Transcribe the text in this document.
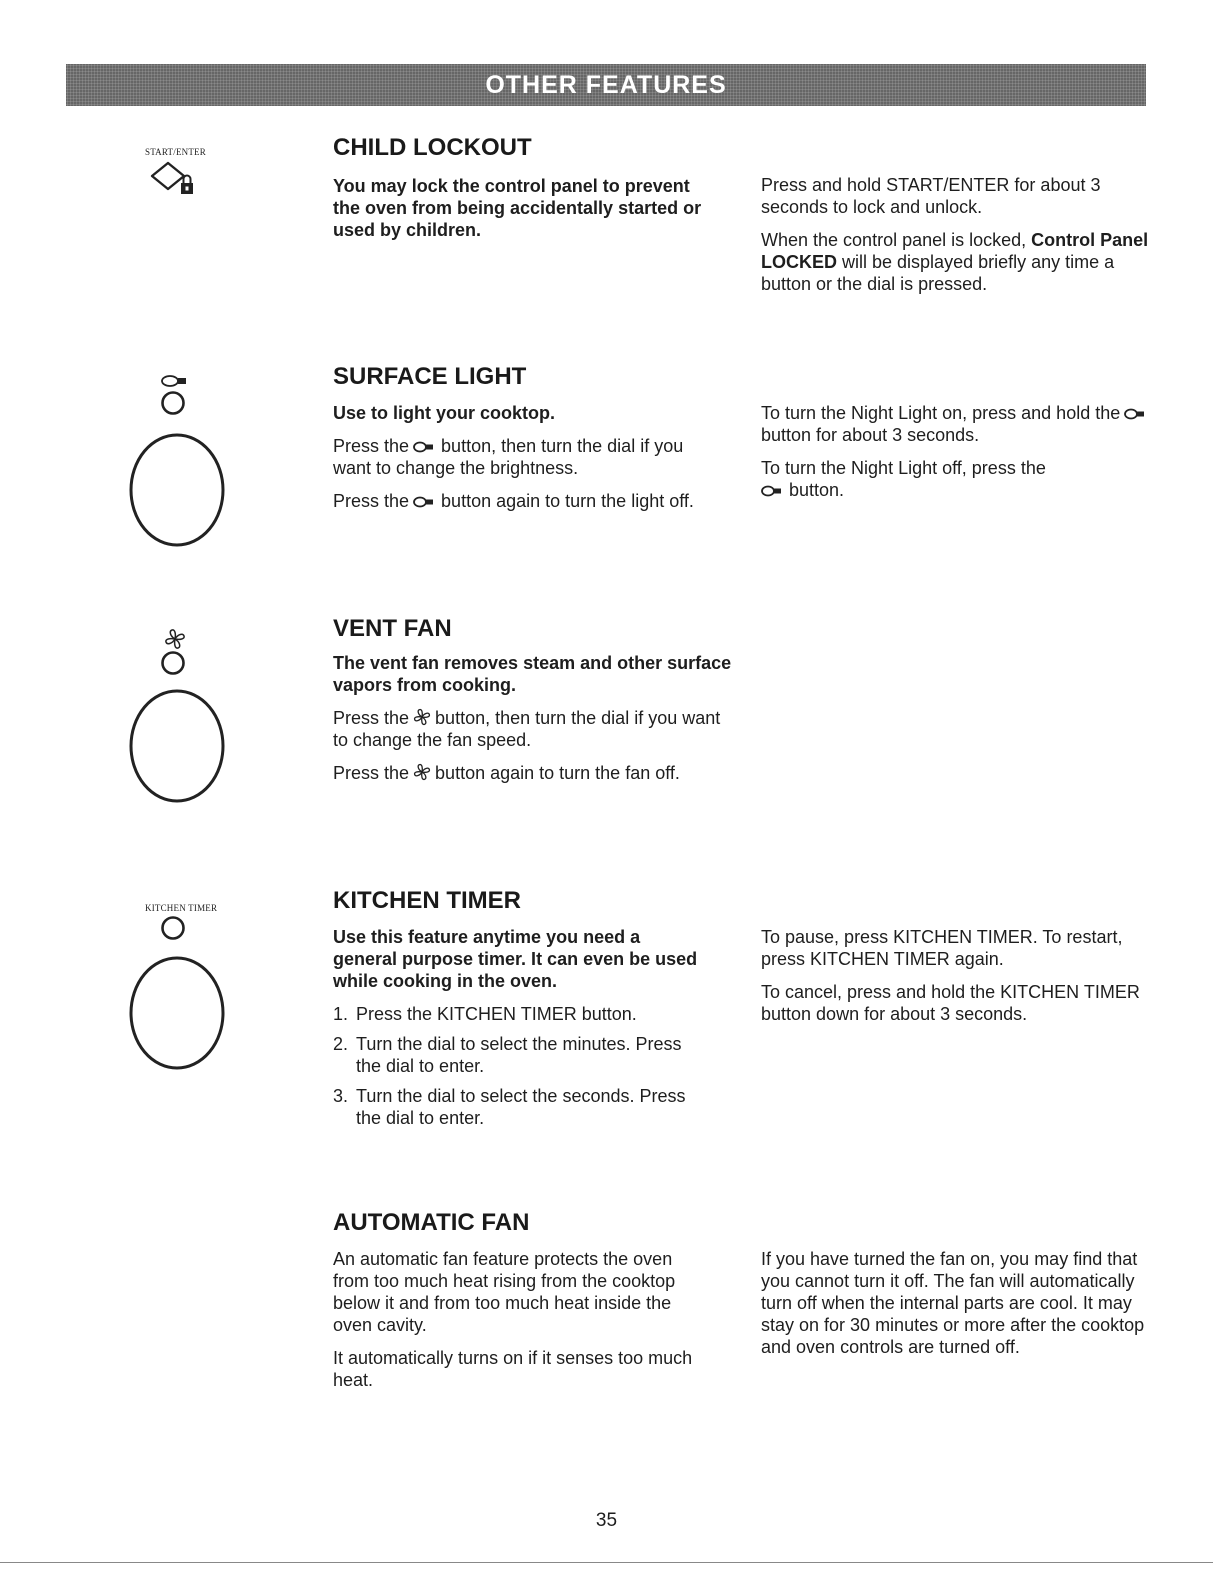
OTHER FEATURES
START/ENTER	CHILD LOCKOUT

You may lock the control panel to prevent the oven from being accidentally started or used by children.

Press and hold START/ENTER for about 3 seconds to lock and unlock.

When the control panel is locked, Control Panel LOCKED will be displayed briefly any time a button or the dial is pressed.

SURFACE LIGHT

Use to light your cooktop.

Press the button, then turn the dial if you want to change the brightness.

Press the button again to turn the light off.

To turn the Night Light on, press and hold thebutton for about 3 seconds.

To turn the Night Light off, press the
button.

VENT FAN

The vent fan removes steam and other surface vapors from cooking.

Press the button, then turn the dial if you want to change the fan speed.

Press the button again to turn the fan off.

KITCHEN TIMER	KITCHEN TIMER

Use this feature anytime you need a general purpose timer. It can even be used while cooking in the oven.

1. Press the KITCHEN TIMER button.
2. Turn the dial to select the minutes. Press the dial to enter.
3. Turn the dial to select the seconds. Press the dial to enter.

To pause, press KITCHEN TIMER. To restart, press KITCHEN TIMER again.

To cancel, press and hold the KITCHEN TIMER button down for about 3 seconds.

AUTOMATIC FAN

An automatic fan feature protects the oven from too much heat rising from the cooktop below it and from too much heat inside the oven cavity.

It automatically turns on if it senses too much heat.

If you have turned the fan on, you may find that you cannot turn it off. The fan will automatically turn off when the internal parts are cool. It may stay on for 30 minutes or more after the cooktop and oven controls are turned off.

35
